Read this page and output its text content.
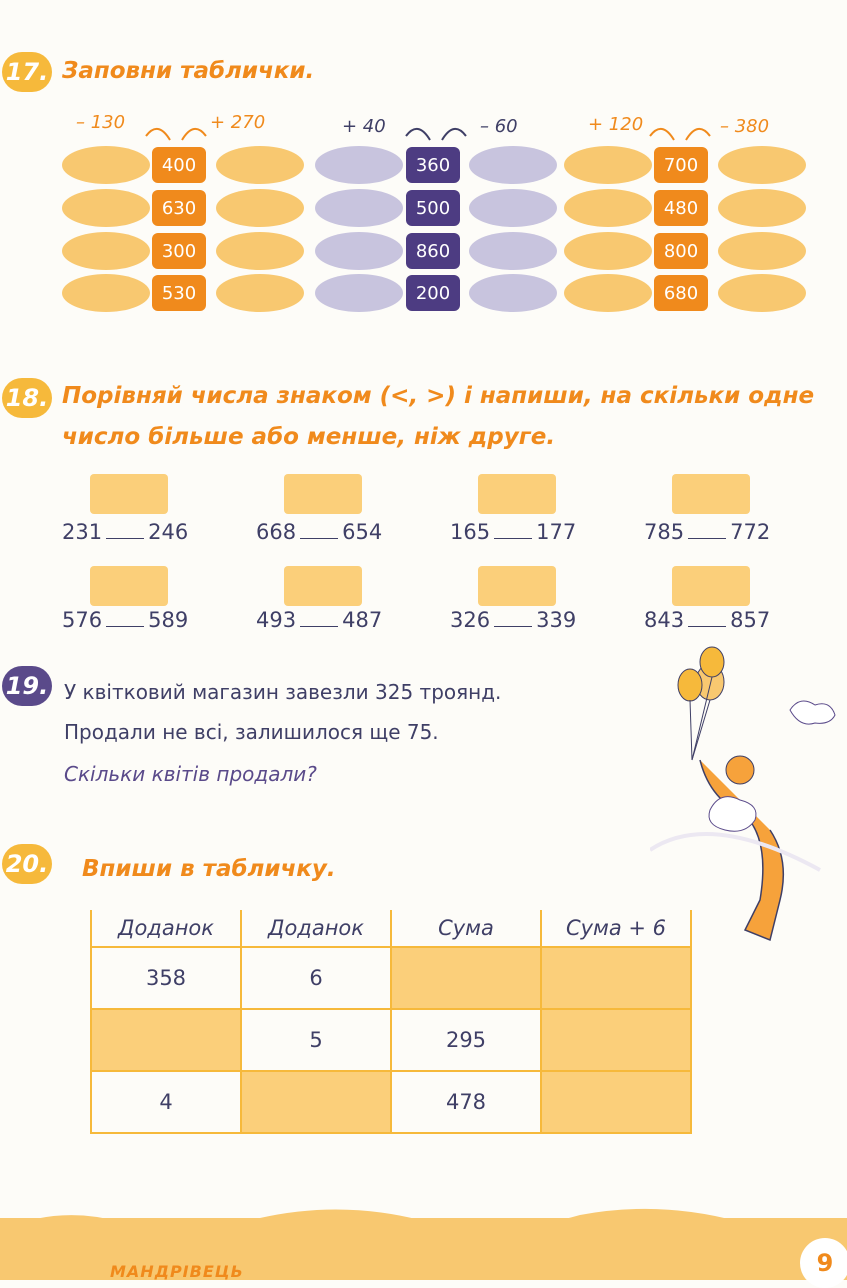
17. Заповни таблички.
– 130	+ 270	+ 40	– 60	+ 120	– 380
400
630
300
530
360
500
860
200
700
480
800
680
18. Порівняй числа знаком (<, >) і напиши, на скільки одне
число більше або менше, ніж друге.
231 246	668 654	165 177	785 772
576 589	493 487	326 339	843 857
19. У квітковий магазин завезли 325 троянд.
Продали не всі, залишилося ще 75.
Скільки квітів продали?
20. Впиши в табличку.
Доданок	Доданок	Сума	Сума + 6
358	6		
	5	295	
4		478	
МАНДРІВЕЦЬ	9
